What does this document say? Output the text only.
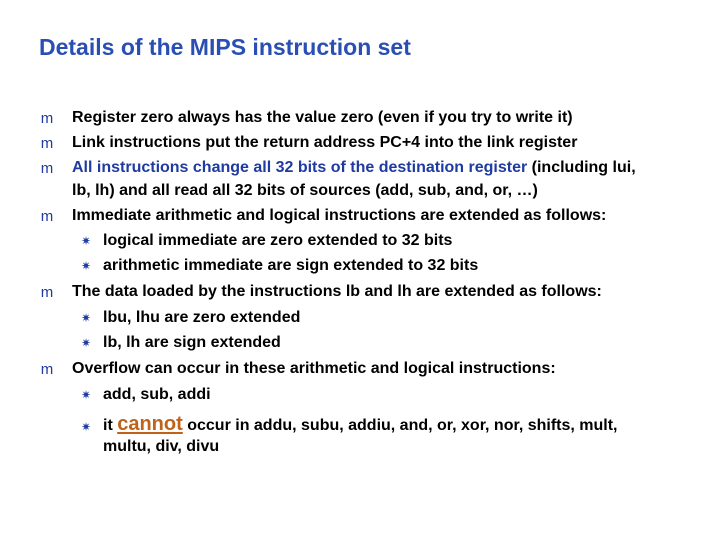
Details of the MIPS instruction set
m Register zero always has the value zero (even if you try to write it)
m Link instructions put the return address PC+4 into the link register
m All instructions change all 32 bits of the destination register (including lui,
lb, lh) and all read all 32 bits of sources (add, sub, and, or, …)
m Immediate arithmetic and logical instructions are extended as follows:
✷ logical immediate are zero extended to 32 bits
✷ arithmetic immediate are sign extended to 32 bits
m The data loaded by the instructions lb and lh are extended as follows:
✷ lbu, lhu are zero extended
✷ lb, lh are sign extended
m Overflow can occur in these arithmetic and logical instructions:
✷ add, sub, addi
✷ it cannot occur in addu, subu, addiu, and, or, xor, nor, shifts, mult,
multu, div, divu
